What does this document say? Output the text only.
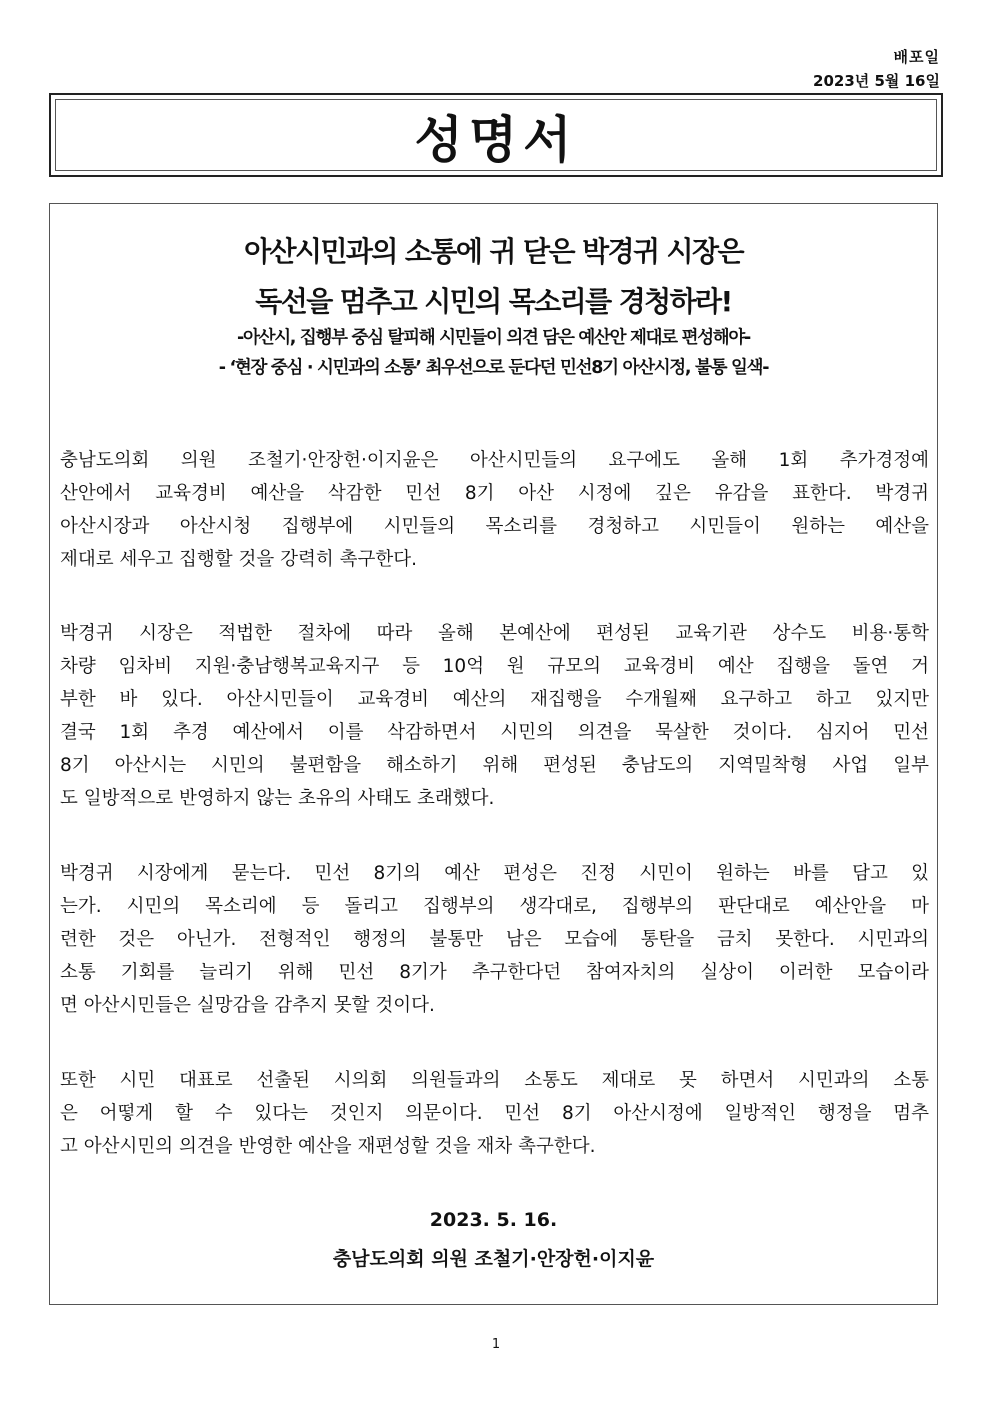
배포일
2023년 5월 16일
성명서
아산시민과의 소통에 귀 닫은 박경귀 시장은
독선을 멈추고 시민의 목소리를 경청하라!
-아산시, 집행부 중심 탈피해 시민들이 의견 담은 예산안 제대로 편성해야-
- ‘현장 중심 · 시민과의 소통’ 최우선으로 둔다던 민선8기 아산시정, 불통 일색-
충남도의회 의원 조철기·안장헌·이지윤은 아산시민들의 요구에도 올해 1회 추가경정예
산안에서 교육경비 예산을 삭감한 민선 8기 아산 시정에 깊은 유감을 표한다. 박경귀
아산시장과 아산시청 집행부에 시민들의 목소리를 경청하고 시민들이 원하는 예산을
제대로 세우고 집행할 것을 강력히 촉구한다.
박경귀 시장은 적법한 절차에 따라 올해 본예산에 편성된 교육기관 상수도 비용·통학
차량 임차비 지원·충남행복교육지구 등 10억 원 규모의 교육경비 예산 집행을 돌연 거
부한 바 있다. 아산시민들이 교육경비 예산의 재집행을 수개월째 요구하고 하고 있지만
결국 1회 추경 예산에서 이를 삭감하면서 시민의 의견을 묵살한 것이다. 심지어 민선
8기 아산시는 시민의 불편함을 해소하기 위해 편성된 충남도의 지역밀착형 사업 일부
도 일방적으로 반영하지 않는 초유의 사태도 초래했다.
박경귀 시장에게 묻는다. 민선 8기의 예산 편성은 진정 시민이 원하는 바를 담고 있
는가. 시민의 목소리에 등 돌리고 집행부의 생각대로, 집행부의 판단대로 예산안을 마
련한 것은 아닌가. 전형적인 행정의 불통만 남은 모습에 통탄을 금치 못한다. 시민과의
소통 기회를 늘리기 위해 민선 8기가 추구한다던 참여자치의 실상이 이러한 모습이라
면 아산시민들은 실망감을 감추지 못할 것이다.
또한 시민 대표로 선출된 시의회 의원들과의 소통도 제대로 못 하면서 시민과의 소통
은 어떻게 할 수 있다는 것인지 의문이다. 민선 8기 아산시정에 일방적인 행정을 멈추
고 아산시민의 의견을 반영한 예산을 재편성할 것을 재차 촉구한다.
2023. 5. 16.
충남도의회 의원 조철기·안장헌·이지윤
1
